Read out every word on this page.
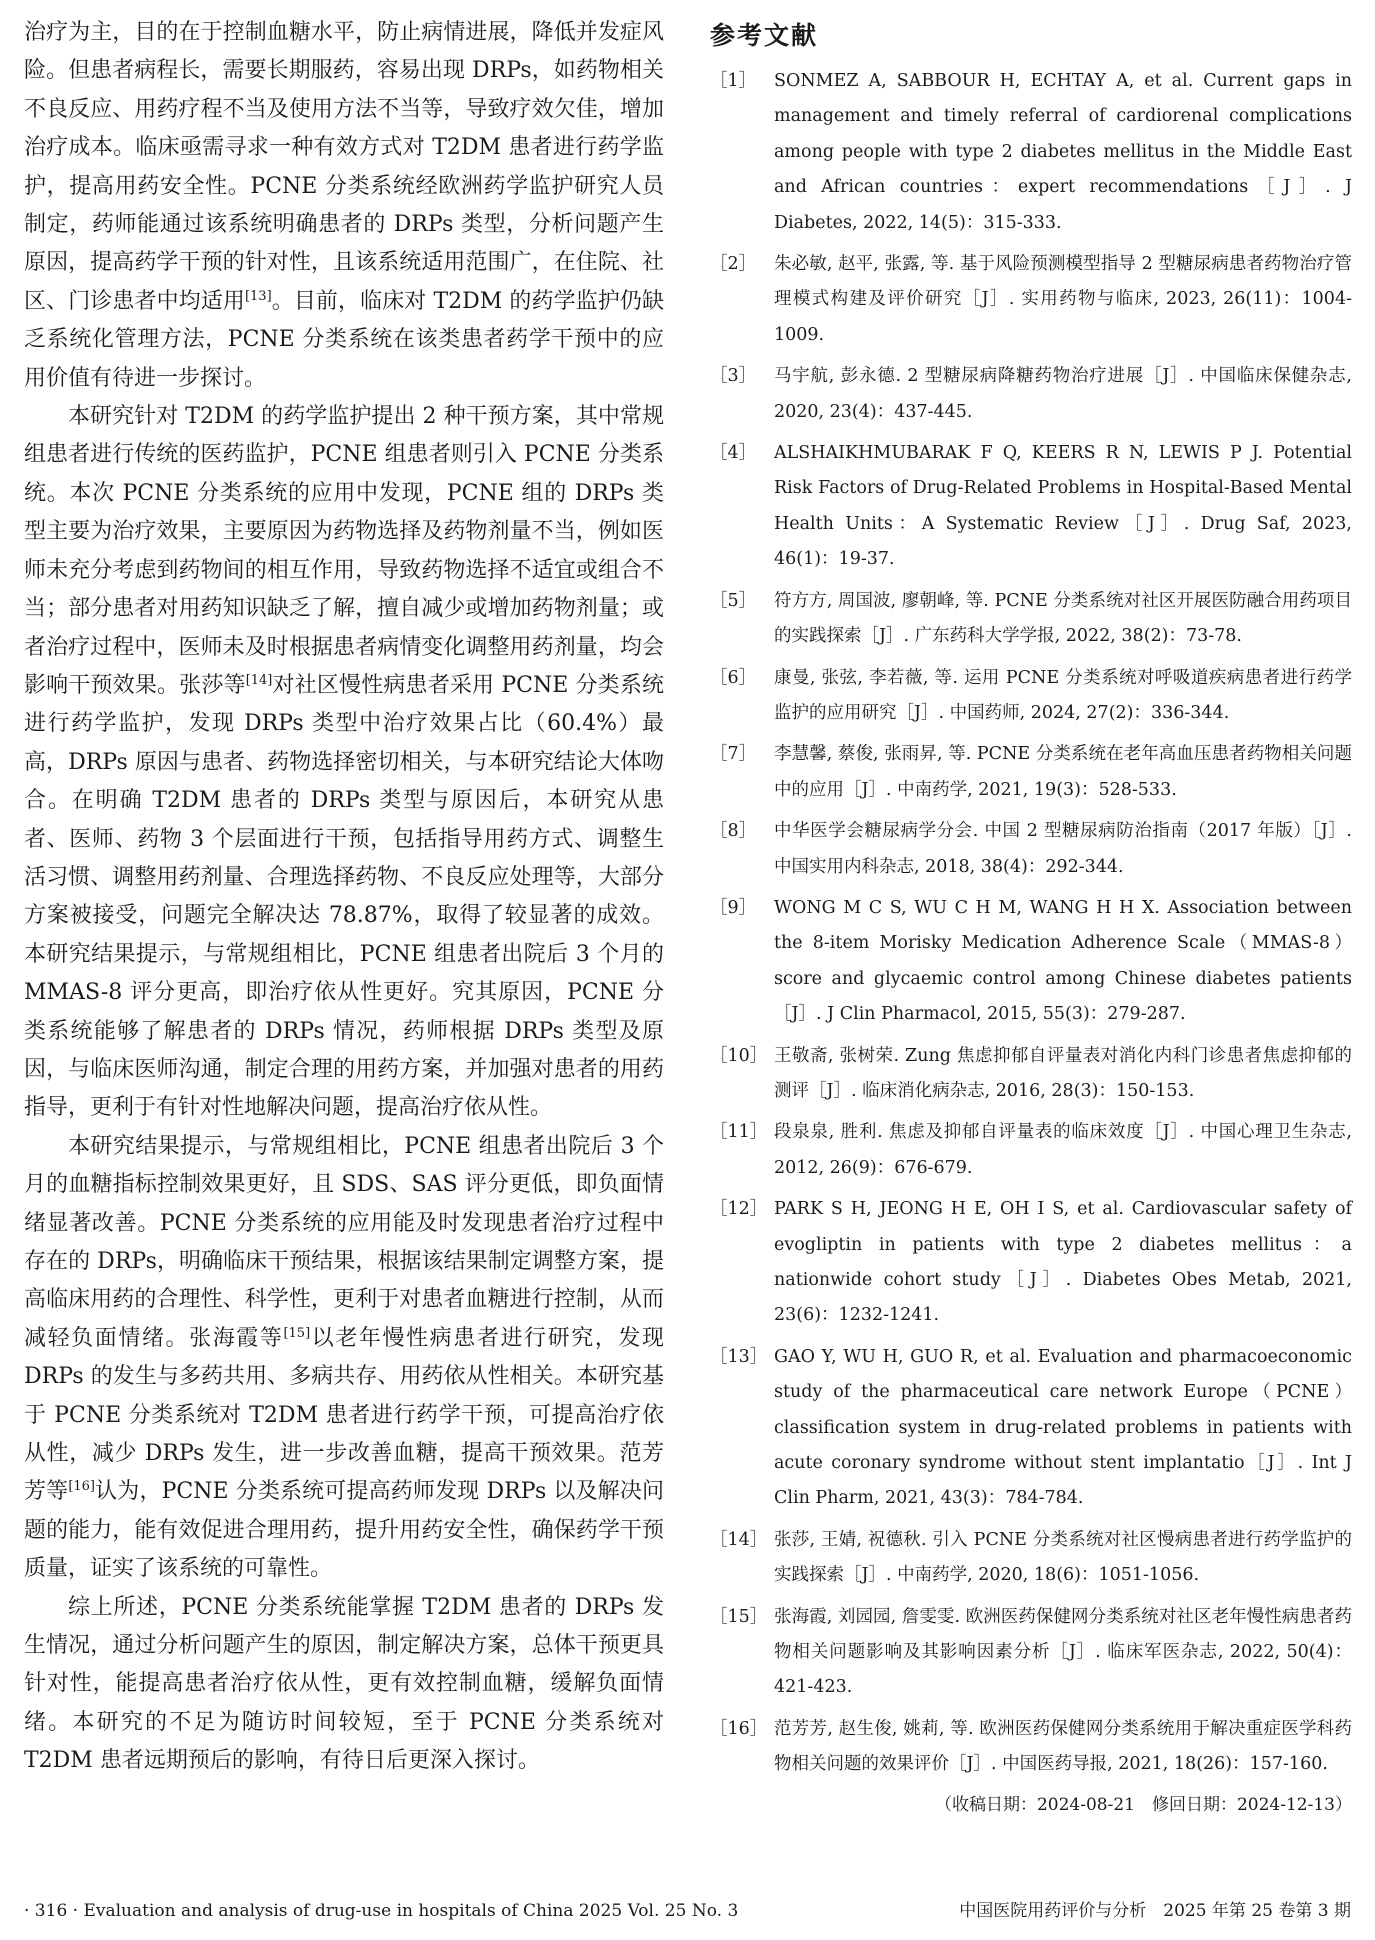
治疗为主，目的在于控制血糖水平，防止病情进展，降低并发症风险。但患者病程长，需要长期服药，容易出现 DRPs，如药物相关不良反应、用药疗程不当及使用方法不当等，导致疗效欠佳，增加治疗成本。临床亟需寻求一种有效方式对 T2DM 患者进行药学监护，提高用药安全性。PCNE 分类系统经欧洲药学监护研究人员制定，药师能通过该系统明确患者的 DRPs 类型，分析问题产生原因，提高药学干预的针对性，且该系统适用范围广，在住院、社区、门诊患者中均适用[13]。目前，临床对 T2DM 的药学监护仍缺乏系统化管理方法，PCNE 分类系统在该类患者药学干预中的应用价值有待进一步探讨。

本研究针对 T2DM 的药学监护提出 2 种干预方案，其中常规组患者进行传统的医药监护，PCNE 组患者则引入 PCNE 分类系统。本次 PCNE 分类系统的应用中发现，PCNE 组的 DRPs 类型主要为治疗效果，主要原因为药物选择及药物剂量不当，例如医师未充分考虑到药物间的相互作用，导致药物选择不适宜或组合不当；部分患者对用药知识缺乏了解，擅自减少或增加药物剂量；或者治疗过程中，医师未及时根据患者病情变化调整用药剂量，均会影响干预效果。张莎等[14]对社区慢性病患者采用 PCNE 分类系统进行药学监护，发现 DRPs 类型中治疗效果占比（60.4%）最高，DRPs 原因与患者、药物选择密切相关，与本研究结论大体吻合。在明确 T2DM 患者的 DRPs 类型与原因后，本研究从患者、医师、药物 3 个层面进行干预，包括指导用药方式、调整生活习惯、调整用药剂量、合理选择药物、不良反应处理等，大部分方案被接受，问题完全解决达 78.87%，取得了较显著的成效。本研究结果提示，与常规组相比，PCNE 组患者出院后 3 个月的 MMAS-8 评分更高，即治疗依从性更好。究其原因，PCNE 分类系统能够了解患者的 DRPs 情况，药师根据 DRPs 类型及原因，与临床医师沟通，制定合理的用药方案，并加强对患者的用药指导，更利于有针对性地解决问题，提高治疗依从性。

本研究结果提示，与常规组相比，PCNE 组患者出院后 3 个月的血糖指标控制效果更好，且 SDS、SAS 评分更低，即负面情绪显著改善。PCNE 分类系统的应用能及时发现患者治疗过程中存在的 DRPs，明确临床干预结果，根据该结果制定调整方案，提高临床用药的合理性、科学性，更利于对患者血糖进行控制，从而减轻负面情绪。张海霞等[15]以老年慢性病患者进行研究，发现 DRPs 的发生与多药共用、多病共存、用药依从性相关。本研究基于 PCNE 分类系统对 T2DM 患者进行药学干预，可提高治疗依从性，减少 DRPs 发生，进一步改善血糖，提高干预效果。范芳芳等[16]认为，PCNE 分类系统可提高药师发现 DRPs 以及解决问题的能力，能有效促进合理用药，提升用药安全性，确保药学干预质量，证实了该系统的可靠性。

综上所述，PCNE 分类系统能掌握 T2DM 患者的 DRPs 发生情况，通过分析问题产生的原因，制定解决方案，总体干预更具针对性，能提高患者治疗依从性，更有效控制血糖，缓解负面情绪。本研究的不足为随访时间较短，至于 PCNE 分类系统对 T2DM 患者远期预后的影响，有待日后更深入探讨。

参考文献
［1］	SONMEZ A, SABBOUR H, ECHTAY A, et al. Current gaps in management and timely referral of cardiorenal complications among people with type 2 diabetes mellitus in the Middle East and African countries：expert recommendations［J］. J Diabetes, 2022, 14(5)：315-333.
［2］	朱必敏, 赵平, 张露, 等. 基于风险预测模型指导 2 型糖尿病患者药物治疗管理模式构建及评价研究［J］. 实用药物与临床, 2023, 26(11)：1004-1009.
［3］	马宇航, 彭永德. 2 型糖尿病降糖药物治疗进展［J］. 中国临床保健杂志, 2020, 23(4)：437-445.
［4］	ALSHAIKHMUBARAK F Q, KEERS R N, LEWIS P J. Potential Risk Factors of Drug-Related Problems in Hospital-Based Mental Health Units：A Systematic Review［J］. Drug Saf, 2023, 46(1)：19-37.
［5］	符方方, 周国波, 廖朝峰, 等. PCNE 分类系统对社区开展医防融合用药项目的实践探索［J］. 广东药科大学学报, 2022, 38(2)：73-78.
［6］	康曼, 张弦, 李若薇, 等. 运用 PCNE 分类系统对呼吸道疾病患者进行药学监护的应用研究［J］. 中国药师, 2024, 27(2)：336-344.
［7］	李慧馨, 蔡俊, 张雨昇, 等. PCNE 分类系统在老年高血压患者药物相关问题中的应用［J］. 中南药学, 2021, 19(3)：528-533.
［8］	中华医学会糖尿病学分会. 中国 2 型糖尿病防治指南（2017 年版）［J］. 中国实用内科杂志, 2018, 38(4)：292-344.
［9］	WONG M C S, WU C H M, WANG H H X. Association between the 8-item Morisky Medication Adherence Scale（MMAS-8）score and glycaemic control among Chinese diabetes patients［J］. J Clin Pharmacol, 2015, 55(3)：279-287.
［10］ 王敬斋, 张树荣. Zung 焦虑抑郁自评量表对消化内科门诊患者焦虑抑郁的测评［J］. 临床消化病杂志, 2016, 28(3)：150-153.
［11］ 段泉泉, 胜利. 焦虑及抑郁自评量表的临床效度［J］. 中国心理卫生杂志, 2012, 26(9)：676-679.
［12］ PARK S H, JEONG H E, OH I S, et al. Cardiovascular safety of evogliptin in patients with type 2 diabetes mellitus：a nationwide cohort study［J］. Diabetes Obes Metab, 2021, 23(6)：1232-1241.
［13］ GAO Y, WU H, GUO R, et al. Evaluation and pharmacoeconomic study of the pharmaceutical care network Europe（PCNE）classification system in drug-related problems in patients with acute coronary syndrome without stent implantatio［J］. Int J Clin Pharm, 2021, 43(3)：784-784.
［14］ 张莎, 王婧, 祝德秋. 引入 PCNE 分类系统对社区慢病患者进行药学监护的实践探索［J］. 中南药学, 2020, 18(6)：1051-1056.
［15］ 张海霞, 刘园园, 詹雯雯. 欧洲医药保健网分类系统对社区老年慢性病患者药物相关问题影响及其影响因素分析［J］. 临床军医杂志, 2022, 50(4)：421-423.
［16］ 范芳芳, 赵生俊, 姚莉, 等. 欧洲医药保健网分类系统用于解决重症医学科药物相关问题的效果评价［J］. 中国医药导报, 2021, 18(26)：157-160.

（收稿日期：2024-08-21　修回日期：2024-12-13）

· 316 · Evaluation and analysis of drug-use in hospitals of China 2025 Vol. 25 No. 3	中国医院用药评价与分析　2025 年第 25 卷第 3 期
